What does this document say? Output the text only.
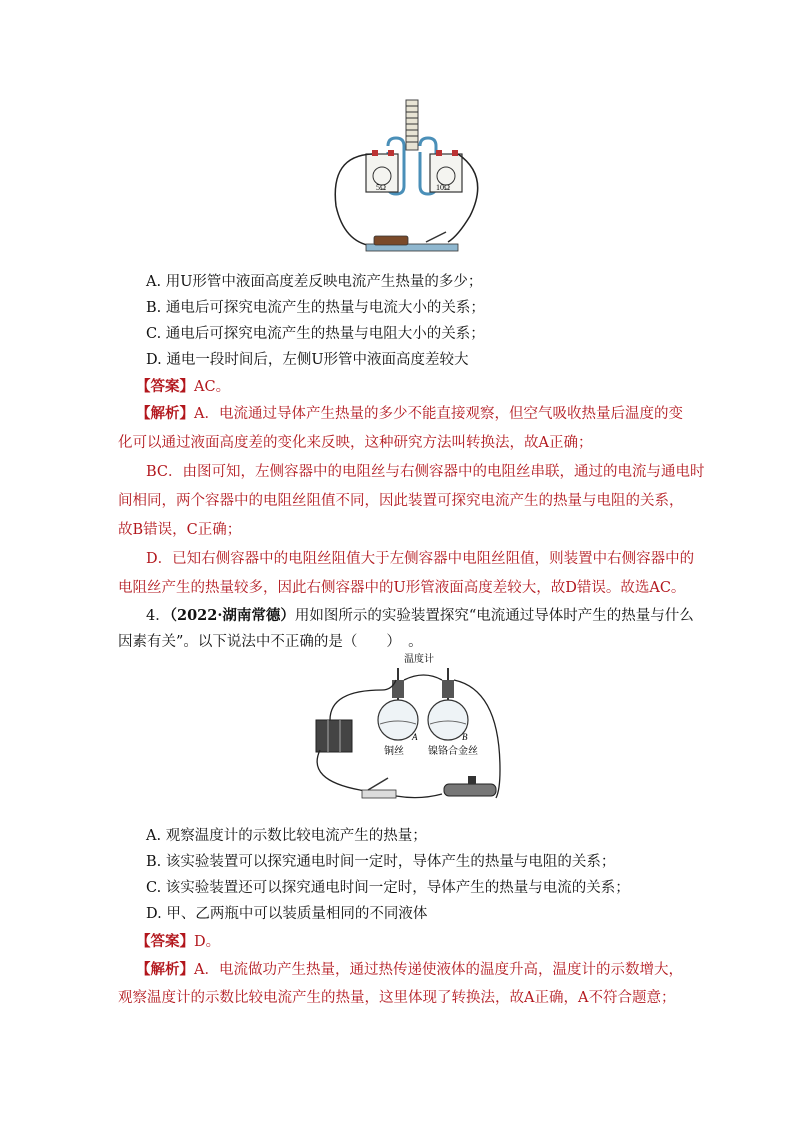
5Ω	10Ω
A. 用U形管中液面高度差反映电流产生热量的多少；
B. 通电后可探究电流产生的热量与电流大小的关系；
C. 通电后可探究电流产生的热量与电阻大小的关系；
D. 通电一段时间后，左侧U形管中液面高度差较大
【答案】AC。
【解析】A．电流通过导体产生热量的多少不能直接观察，但空气吸收热量后温度的变
化可以通过液面高度差的变化来反映，这种研究方法叫转换法，故A正确；
BC．由图可知，左侧容器中的电阻丝与右侧容器中的电阻丝串联，通过的电流与通电时
间相同，两个容器中的电阻丝阻值不同，因此装置可探究电流产生的热量与电阻的关系，
故B错误，C正确；
D．已知右侧容器中的电阻丝阻值大于左侧容器中电阻丝阻值，则装置中右侧容器中的
电阻丝产生的热量较多，因此右侧容器中的U形管液面高度差较大，故D错误。故选AC。
4．（2022·湖南常德）用如图所示的实验装置探究“电流通过导体时产生的热量与什么
因素有关”。以下说法中不正确的是（　　）　。
温度计
A	B
铜丝 镍铬合金丝
A. 观察温度计的示数比较电流产生的热量；
B. 该实验装置可以探究通电时间一定时，导体产生的热量与电阻的关系；
C. 该实验装置还可以探究通电时间一定时，导体产生的热量与电流的关系；
D. 甲、乙两瓶中可以装质量相同的不同液体
【答案】D。
【解析】A．电流做功产生热量，通过热传递使液体的温度升高，温度计的示数增大，
观察温度计的示数比较电流产生的热量，这里体现了转换法，故A正确，A不符合题意；
